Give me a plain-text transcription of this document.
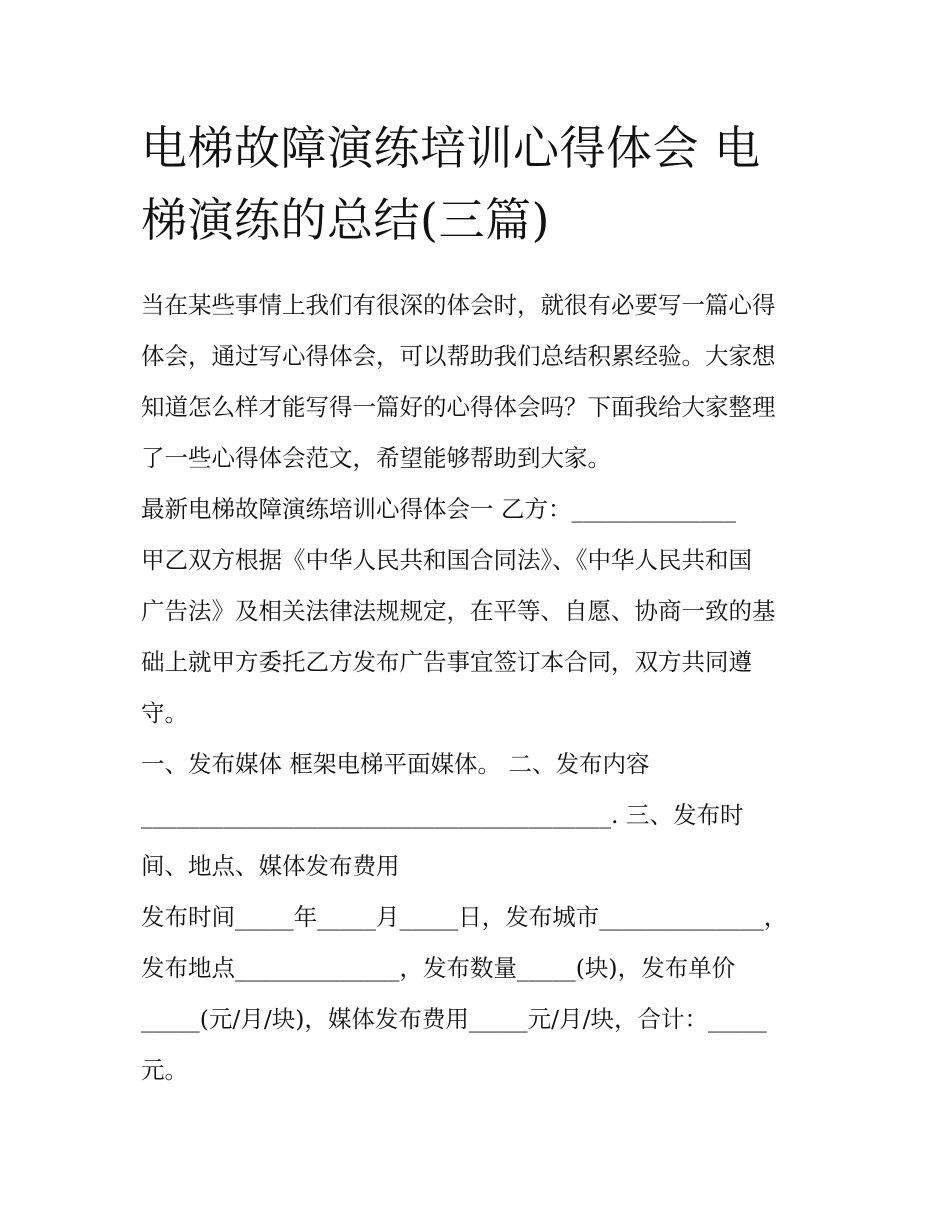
电梯故障演练培训心得体会 电
梯演练的总结(三篇)
当在某些事情上我们有很深的体会时，就很有必要写一篇心得
体会，通过写心得体会，可以帮助我们总结积累经验。大家想
知道怎么样才能写得一篇好的心得体会吗？下面我给大家整理
了一些心得体会范文，希望能够帮助到大家。
最新电梯故障演练培训心得体会一 乙方：______________
甲乙双方根据《中华人民共和国合同法》、《中华人民共和国
广告法》及相关法律法规规定，在平等、自愿、协商一致的基
础上就甲方委托乙方发布广告事宜签订本合同，双方共同遵
守。
一、发布媒体 框架电梯平面媒体。 二、发布内容
________________________________________. 三、发布时
间、地点、媒体发布费用
发布时间_____年_____月_____日，发布城市______________，
发布地点______________，发布数量_____(块)，发布单价
_____(元/月/块)，媒体发布费用_____元/月/块，合计：_____
元。
